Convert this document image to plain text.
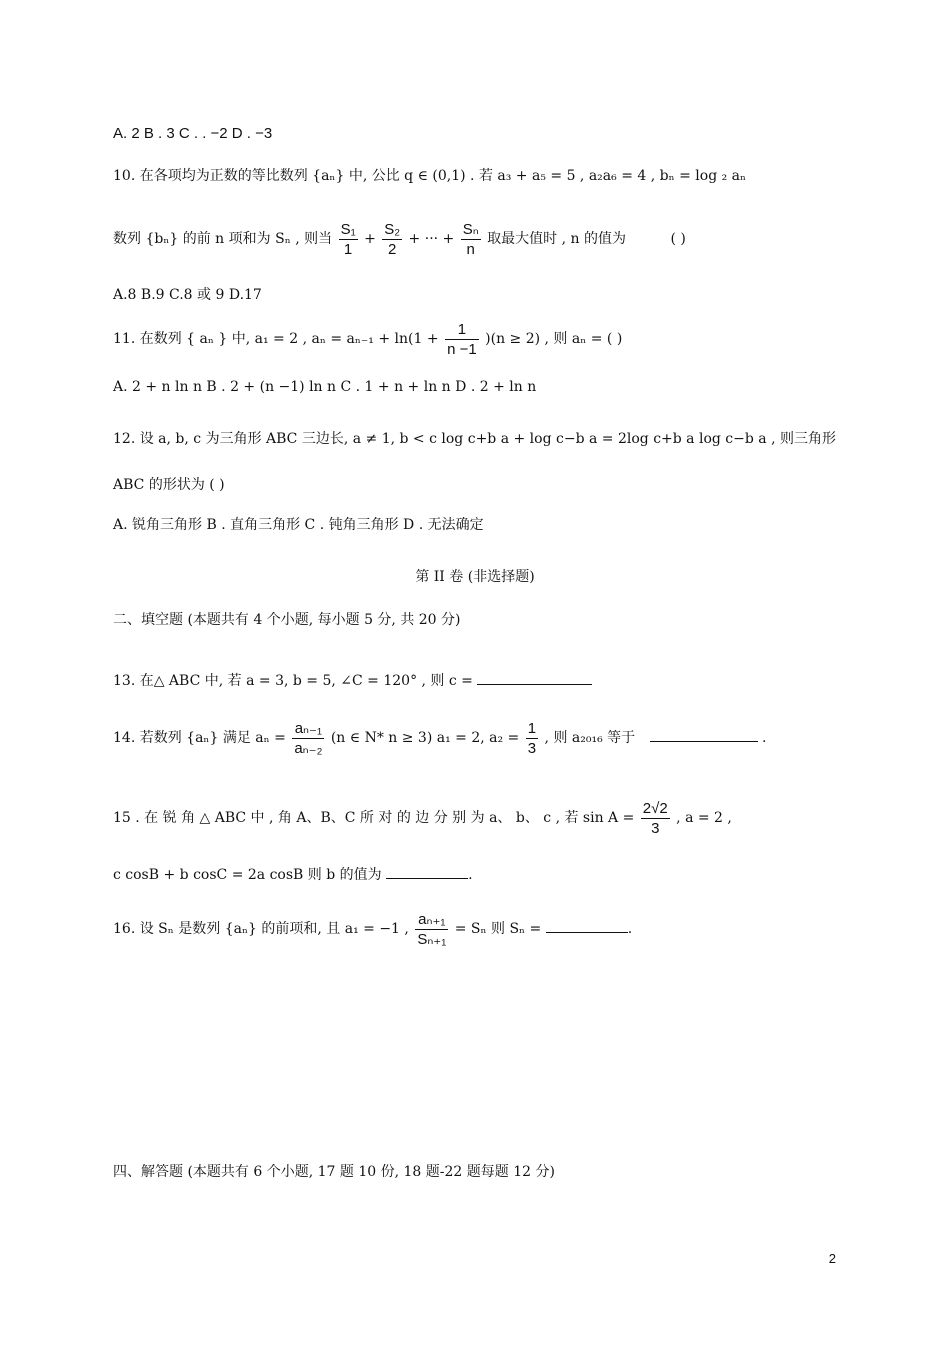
A. 2 B . 3 C . . −2 D . −3
10. 在各项均为正数的等比数列 {aₙ} 中, 公比 q ∈ (0,1) . 若 a₃ + a₅ = 5 , a₂a₆ = 4 , bₙ = log ₂ aₙ
数列 {bₙ} 的前 n 项和为 Sₙ , 则当 $\frac{\text{S₁}}{1} + \frac{\text{S₂}}{2}$ + ··· + $\frac{\text{Sₙ}}{n}$ 取最大值时 , n 的值为	( )
A.8 B.9 C.8 或 9 D.17
11. 在数列 { aₙ } 中, a₁ = 2 , $a_n = a_{n-1} + \ln(1 + \frac{1}{n -1} )(n \ge 2)$ , 则 aₙ = ( )
A. 2 + n ln n B . 2 + (n −1) ln n C . 1 + n + ln n D . 2 + ln n
12. 设 a, b, c 为三角形 ABC 三边长, a ≠ 1, b < c log c+b a + log c−b a = 2log c+b a log c−b a , 则三角形
ABC 的形状为 ( )
A. 锐角三角形 B . 直角三角形 C . 钝角三角形 D . 无法确定
第 II 卷 (非选择题)
二、填空题 (本题共有 4 个小题, 每小题 5 分, 共 20 分)
13. 在△ ABC 中, 若 a = 3, b = 5, ∠C = 120° , 则 c =
14. 若数列 {aₙ} 满足 $a_n = \frac{\text{aₙ₋₁}}{\text{aₙ₋₂}} (n$ ∈ N* n ≥ 3) a₁ = 2, $a_2 = \frac{1}{3}$ , 则 a₂₀₁₆ 等于	.
15 . 在 锐 角 △ ABC 中 , 角 A、B、C 所 对 的 边 分 别 为 a、 b、 c , 若 $\sin A = \frac{2√2}{3}$ , a = 2 ,
c cosB + b cosC = 2a cosB 则 b 的值为	.
16. 设 Sₙ 是数列 {aₙ} 的前项和, 且 a₁ = −1 , $\frac{\text{aₙ₊₁}}{\text{Sₙ₊₁}} = S_n$ 则 Sₙ =	.
四、解答题 (本题共有 6 个小题, 17 题 10 份, 18 题-22 题每题 12 分)
2
